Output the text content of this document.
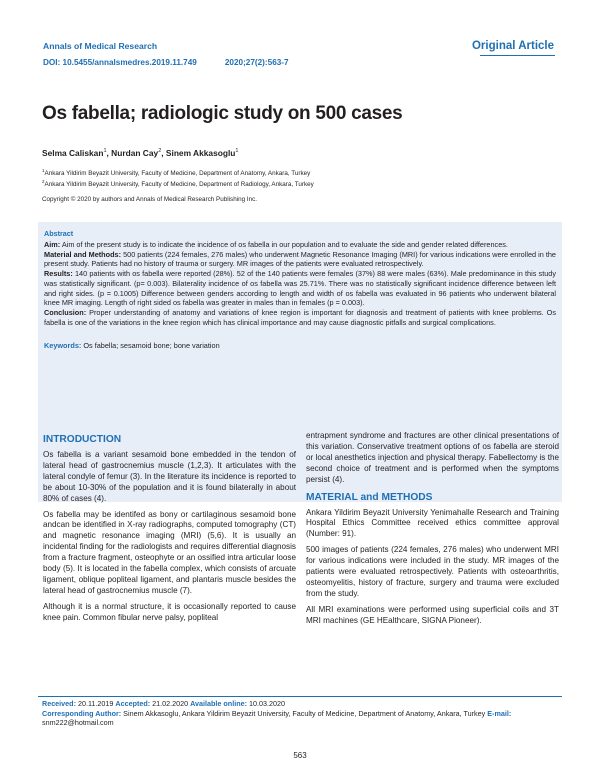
Annals of Medical Research
DOI: 10.5455/annalsmedres.2019.11.749	2020;27(2):563-7
Original Article
Os fabella; radiologic study on 500 cases
Selma Caliskan$^1$, Nurdan Cay$^2$, Sinem Akkasoglu$^1$
$^1$Ankara Yildirim Beyazit University, Faculty of Medicine, Department of Anatomy, Ankara, Turkey
$^2$Ankara Yildirim Beyazit University, Faculty of Medicine, Department of Radiology, Ankara, Turkey
Copyright © 2020 by authors and Annals of Medical Research Publishing Inc.
Abstract

Aim: Aim of the present study is to indicate the incidence of os fabella in our population and to evaluate the side and gender related differences.

Material and Methods: 500 patients (224 females, 276 males) who underwent Magnetic Resonance Imaging (MRI) for various indications were enrolled in the present study. Patients had no history of trauma or surgery. MR images of the patients were evaluated retrospectively.

Results: 140 patients with os fabella were reported (28%). 52 of the 140 patients were females (37%) 88 were males (63%). Male predominance in this study was statistically significant. (p= 0.003). Bilaterality incidence of os fabella was 25.71%. There was no statistically significant incidence difference between left and right sides. (p = 0.1005) Difference between genders according to length and width of os fabella was evaluated in 96 patients who underwent bilateral knee MR imaging. Length of right sided os fabella was greater in males than in females (p = 0.003).

Conclusion: Proper understanding of anatomy and variations of knee region is important for diagnosis and treatment of patients with knee problems. Os fabella is one of the variations in the knee region which has clinical importance and may cause diagnostic pitfalls and surgical complications.

Keywords: Os fabella; sesamoid bone; bone variation

INTRODUCTION

Os fabella is a variant sesamoid bone embedded in the tendon of lateral head of gastrocnemius muscle (1,2,3). It articulates with the lateral condyle of femur (3). In the literature its incidence is reported to be about 10-30% of the population and it is found bilaterally in about 80% of cases (4).

Os fabella may be identifed as bony or cartilaginous sesamoid bone andcan be identified in X-ray radiographs, computed tomography (CT) and magnetic resonance imaging (MRI) (5,6). It is usually an incidental finding for the radiologists and requires differential diagnosis from a fracture fragment, osteophyte or an ossified intra articular loose body (5). It is located in the fabella complex, which consists of arcuate ligament, oblique popliteal ligament, and plantaris muscle besides the lateral head of gastrocnemius muscle (7).

Although it is a normal structure, it is occasionally reported to cause knee pain. Common fibular nerve palsy, popliteal

entrapment syndrome and fractures are other clinical presentations of this variation. Conservative treatment options of os fabella are steroid or local anesthetics injection and physical therapy. Fabellectomy is the second choice of treatment and is performed when the symptoms persist (4).

MATERIAL and METHODS

Ankara Yildirim Beyazit University Yenimahalle Research and Training Hospital Ethics Committee received ethics committee approval (Number: 91).

500 images of patients (224 females, 276 males) who underwent MRI for various indications were included in the study. MR images of the patients were evaluated retrospectively. Patients with osteoarthritis, osteomyelitis, history of fracture, surgery and trauma were excluded from the study.

All MRI examinations were performed using superficial coils and 3T MRI machines (GE HEalthcare, SIGNA Pioneer).

Received: 20.11.2019 Accepted: 21.02.2020 Available online: 10.03.2020
Corresponding Author: Sinem Akkasoglu, Ankara Yildirim Beyazit University, Faculty of Medicine, Department of Anatomy, Ankara, Turkey E-mail: snm222@hotmail.com
563
